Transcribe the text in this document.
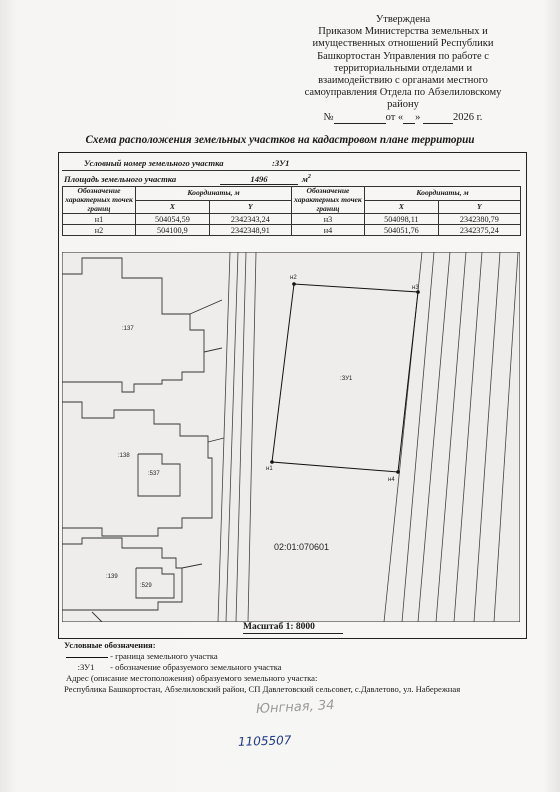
Утверждена
Приказом Министерства земельных и
имущественных отношений Республики
Башкортостан Управления по работе с
территориальными отделами и
взаимодействию с органами местного
самоуправления Отдела по Абзелиловскому
району
№	от « »	2026 г.
Схема расположения земельных участков на кадастровом плане территории
Условный номер земельного участка	:ЗУ1
Площадь земельного участка	1496	$м^2$
Обозначение характерных точек границ	Координаты, м		Обозначение характерных точек границ	Координаты, м	
	X	Y		X	Y
н1	504054,59	2342343,24	н3	504098,11	2342380,79
н2	504100,9	2342348,91	н4	504051,76	2342375,24
н1
н2
н3
н4
:ЗУ1
:137
:138
:537
:139
:529
02:01:070601
Масштаб 1: 8000
Условные обозначения:
- граница земельного участка
:ЗУ1 - обозначение образуемого земельного участка
Адрес (описание местоположения) образуемого земельного участка:
Республика Башкортостан, Абзелиловский район, СП Давлетовский сельсовет, с.Давлетово, ул. Набережная
Юнгная, 34
1105507
